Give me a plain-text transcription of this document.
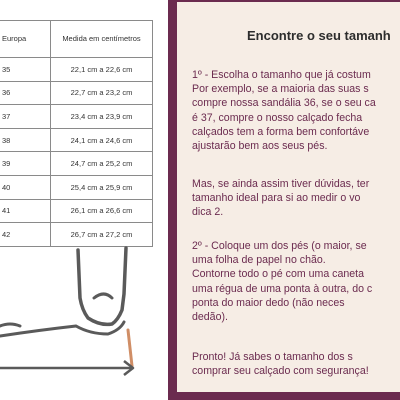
Europa	Medida em centímetros
35	22,1 cm a 22,6 cm
36	22,7 cm a 23,2 cm
37	23,4 cm a 23,9 cm
38	24,1 cm a 24,6 cm
39	24,7 cm a 25,2 cm
40	25,4 cm a 25,9 cm
41	26,1 cm a 26,6 cm
42	26,7 cm a 27,2 cm
Encontre o seu tamanh
1º - Escolha o tamanho que já costum
Por exemplo, se a maioria das suas s
compre nossa sandália 36, se o seu ca
é 37, compre o nosso calçado fecha
calçados tem a forma bem confortáve
ajustarão bem aos seus pés.
Mas, se ainda assim tiver dúvidas, ter
tamanho ideal para si ao medir o vo
dica 2.
2º - Coloque um dos pés (o maior, se
uma folha de papel no chão.
Contorne todo o pé com uma caneta
uma régua de uma ponta à outra, do c
ponta do maior dedo (não neces
dedão).
Pronto! Já sabes o tamanho dos s
comprar seu calçado com segurança!
